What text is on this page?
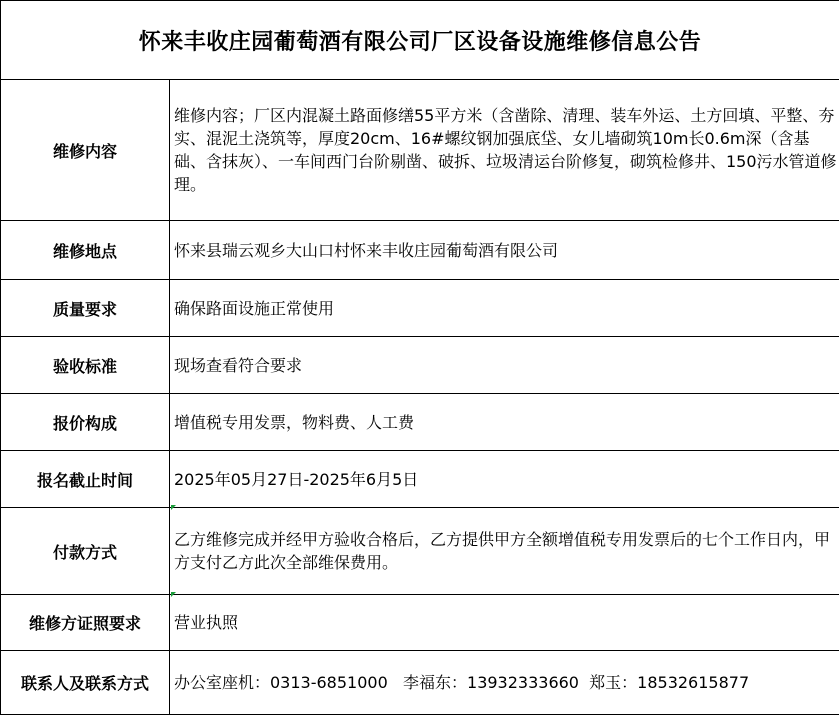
怀来丰收庄园葡萄酒有限公司厂区设备设施维修信息公告	
维修内容	维修内容；厂区内混凝土路面修缮55平方米（含凿除、清理、装车外运、土方回填、平整、夯实、混泥土浇筑等，厚度20cm、16#螺纹钢加强底垈、女儿墙砌筑10m长0.6m深（含基础、含抹灰）、一车间西门台阶剔凿、破拆、垃圾清运台阶修复，砌筑检修井、150污水管道修理。

维修地点	怀来县瑞云观乡大山口村怀来丰收庄园葡萄酒有限公司
质量要求	确保路面设施正常使用
验收标准	现场查看符合要求
报价构成	增值税专用发票，物料费、人工费
报名截止时间	2025年05月27日-2025年6月5日
付款方式	乙方维修完成并经甲方验收合格后，乙方提供甲方全额增值税专用发票后的七个工作日内，甲方支付乙方此次全部维保费用。

维修方证照要求	营业执照
联系人及联系方式	办公室座机：0313-6851000   李福东：13932333660  郑玉：18532615877
